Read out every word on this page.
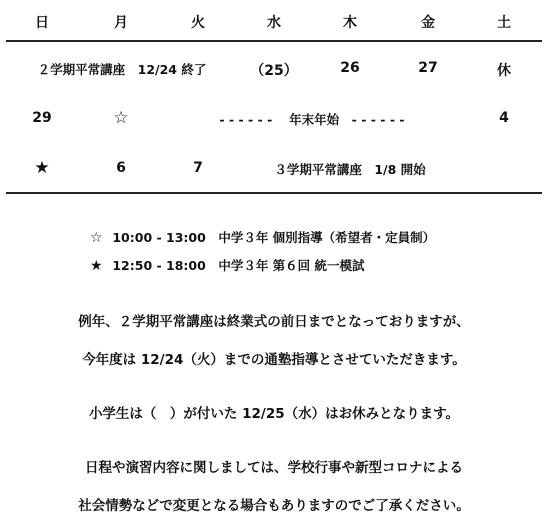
日	月	火	水	木	金	土
２学期平常講座　12/24 終了	（25）	26	27	休
29	☆	- - - - - -　 年末年始　- - - - - -	4
★	6	7	３学期平常講座　1/8 開始
☆ 10:00 - 13:00　中学３年 個別指導（希望者・定員制）
★ 12:50 - 18:00　中学３年 第６回 統一模試
例年、２学期平常講座は終業式の前日までとなっておりますが、
今年度は 12/24（火）までの通塾指導とさせていただきます。
小学生は（　）が付いた 12/25（水）はお休みとなります。
日程や演習内容に関しましては、学校行事や新型コロナによる
社会情勢などで変更となる場合もありますのでご了承ください。
